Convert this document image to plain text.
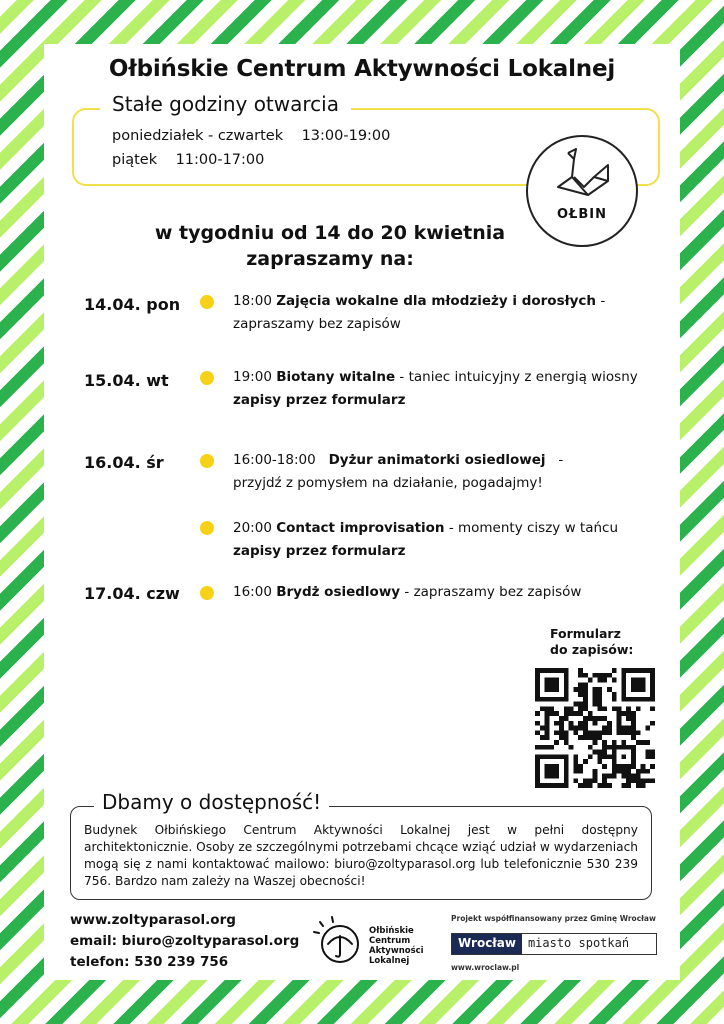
Ołbińskie Centrum Aktywności Lokalnej
Stałe godziny otwarcia
poniedziałek - czwartek 13:00-19:00
piątek 11:00-17:00
OŁBIN
w tygodniu od 14 do 20 kwietnia
zapraszamy na:
14.04. pon	18:00 Zajęcia wokalne dla młodzieży i dorosłych -
zapraszamy bez zapisów
15.04. wt	19:00 Biotany witalne - taniec intuicyjny z energią wiosny
zapisy przez formularz
16.04. śr	16:00-18:00 Dyżur animatorki osiedlowej   -
przyjdź z pomysłem na działanie, pogadajmy!
20:00 Contact improvisation - momenty ciszy w tańcu
zapisy przez formularz
17.04. czw	16:00 Brydż osiedlowy - zapraszamy bez zapisów
Formularz
do zapisów:
Dbamy o dostępność!
Budynek Ołbińskiego Centrum Aktywności Lokalnej jest w pełni dostępny architektonicznie. Osoby ze szczególnymi potrzebami chcące wziąć udział w wydarzeniach mogą się z nami kontaktować mailowo: biuro@zoltyparasol.org lub telefonicznie 530 239 756. Bardzo nam zależy na Waszej obecności!
www.zoltyparasol.org
email: biuro@zoltyparasol.org
telefon: 530 239 756
Ołbińskie
Centrum
Aktywności
Lokalnej
Projekt współfinansowany przez Gminę Wrocław
Wrocław	miasto spotkań
www.wroclaw.pl
